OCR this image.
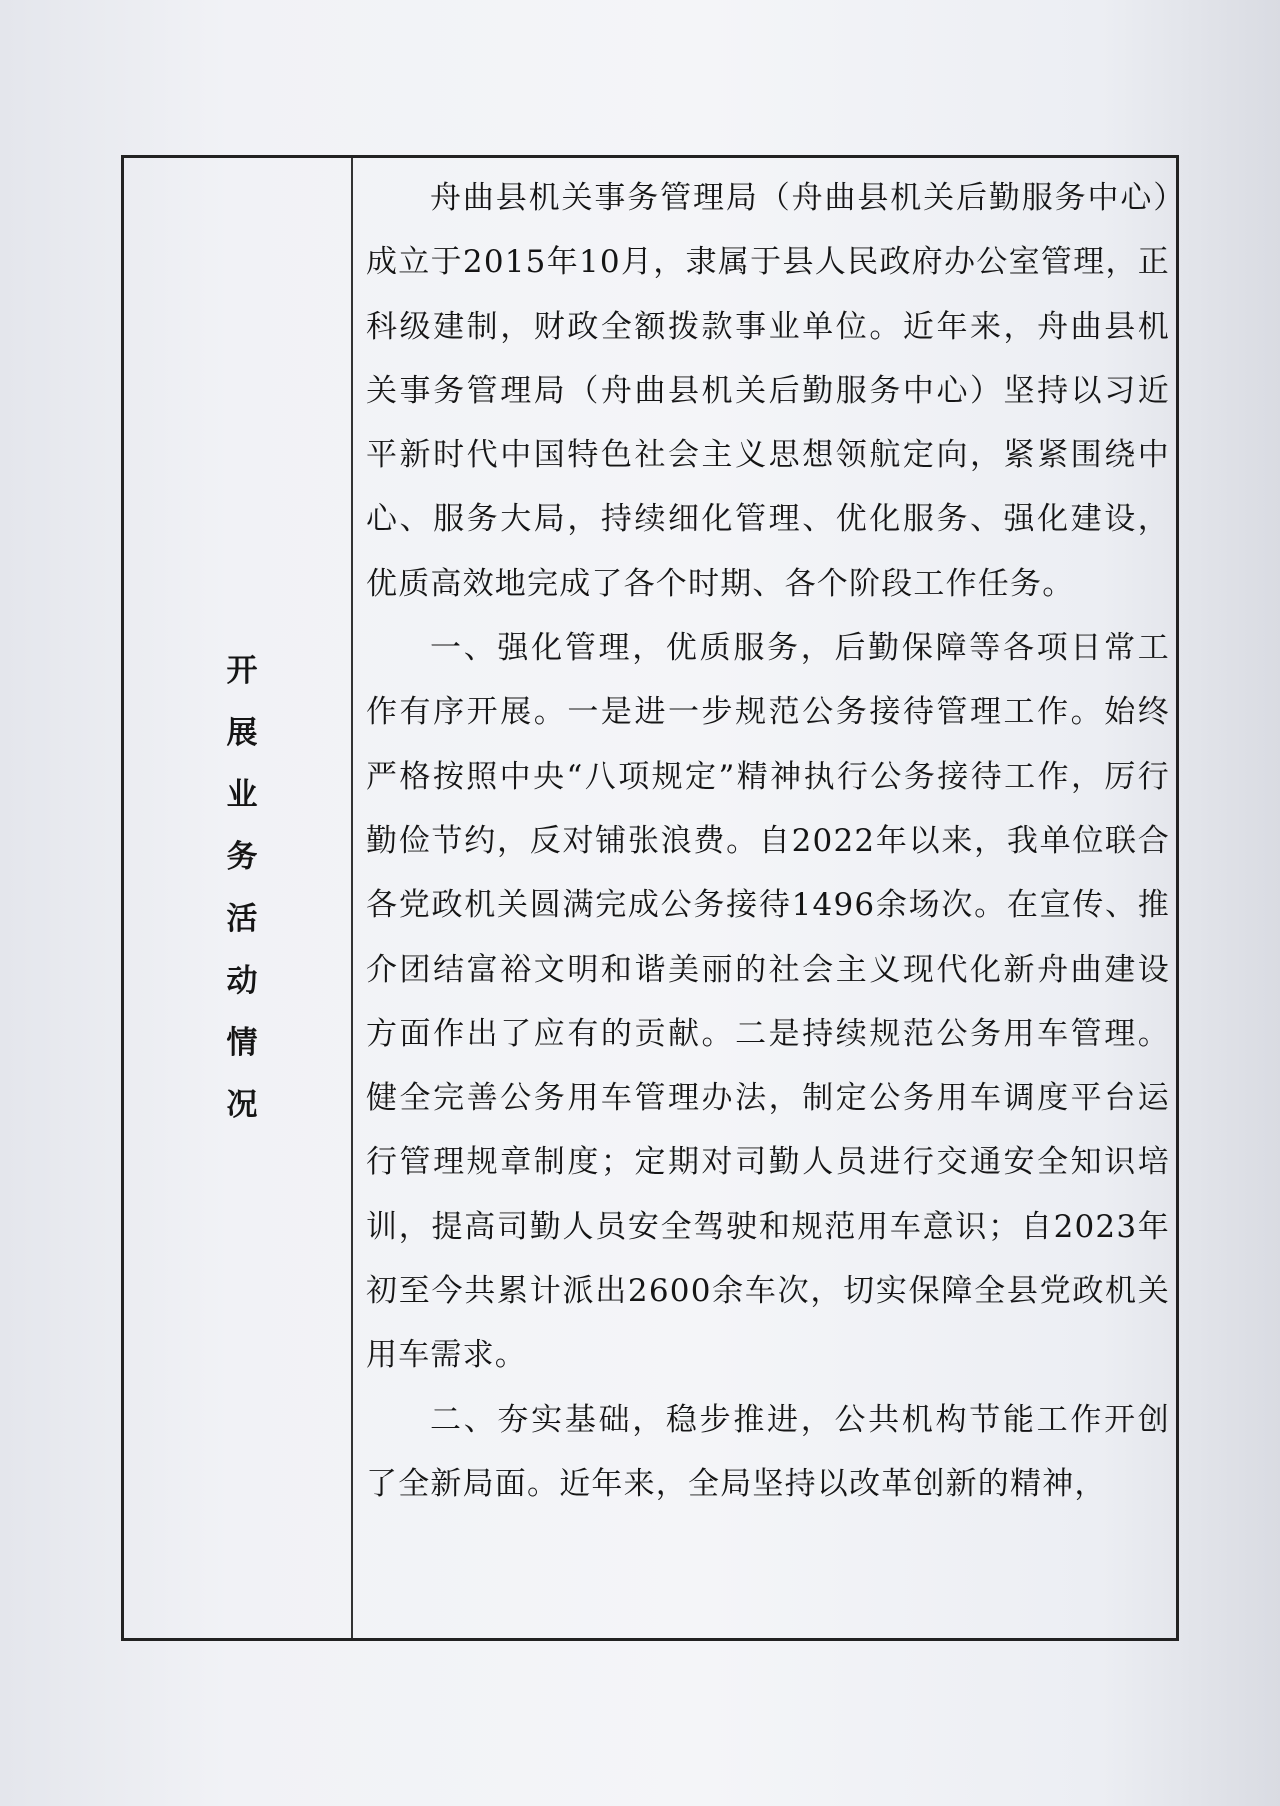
开展业务活动情况

舟曲县机关事务管理局（舟曲县机关后勤服务中心）成立于2015年10月，隶属于县人民政府办公室管理，正科级建制，财政全额拨款事业单位。近年来，舟曲县机关事务管理局（舟曲县机关后勤服务中心）坚持以习近平新时代中国特色社会主义思想领航定向，紧紧围绕中心、服务大局，持续细化管理、优化服务、强化建设，优质高效地完成了各个时期、各个阶段工作任务。

一、强化管理，优质服务，后勤保障等各项日常工作有序开展。一是进一步规范公务接待管理工作。始终严格按照中央“八项规定”精神执行公务接待工作，厉行勤俭节约，反对铺张浪费。自2022年以来，我单位联合各党政机关圆满完成公务接待1496余场次。在宣传、推介团结富裕文明和谐美丽的社会主义现代化新舟曲建设方面作出了应有的贡献。二是持续规范公务用车管理。健全完善公务用车管理办法，制定公务用车调度平台运行管理规章制度；定期对司勤人员进行交通安全知识培训，提高司勤人员安全驾驶和规范用车意识；自2023年初至今共累计派出2600余车次，切实保障全县党政机关用车需求。

二、夯实基础，稳步推进，公共机构节能工作开创了全新局面。近年来，全局坚持以改革创新的精神，
